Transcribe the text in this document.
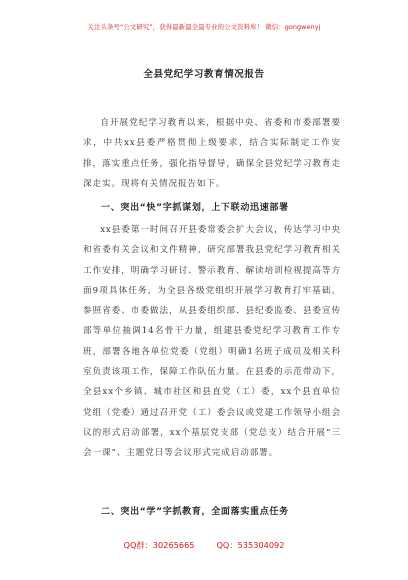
关注头条号“公文研究”，获得最新最全最专业的公文资料库！ 微信：gongwenyj
全县党纪学习教育情况报告

自开展党纪学习教育以来，根据中央、省委和市委部署要求，中共xx县委严格贯彻上级要求，结合实际制定工作安排，落实重点任务，强化指导督导，确保全县党纪学习教育走深走实。现将有关情况报告如下。

一、突出“快”字抓谋划，上下联动迅速部署

xx县委第一时间召开县委常委会扩大会议，传达学习中央和省委有关会议和文件精神，研究部署我县党纪学习教育相关工作安排，明确学习研讨、警示教育、解读培训检视提高等方面9项具体任务，为全县各级党组织开展学习教育打牢基础。参照省委、市委做法，从县委组织部、县纪委监委、县委宣传部等单位抽调14名骨干力量，组建县委党纪学习教育工作专班，部署各地各单位党委（党组）明确1名班子成员及相关科室负责该项工作，保障工作队伍力量。在县委的示范带动下，全县xx个乡镇、城市社区和县直党（工）委，xx个县直单位党组（党委）通过召开党（工）委会议或党建工作领导小组会议的形式启动部署，xx个基层党支部（党总支）结合开展“三会一课”、主题党日等会议形式完成启动部署。

二、突出“学”字抓教育，全面落实重点任务
QQ群：30265665	QQ：535304092
